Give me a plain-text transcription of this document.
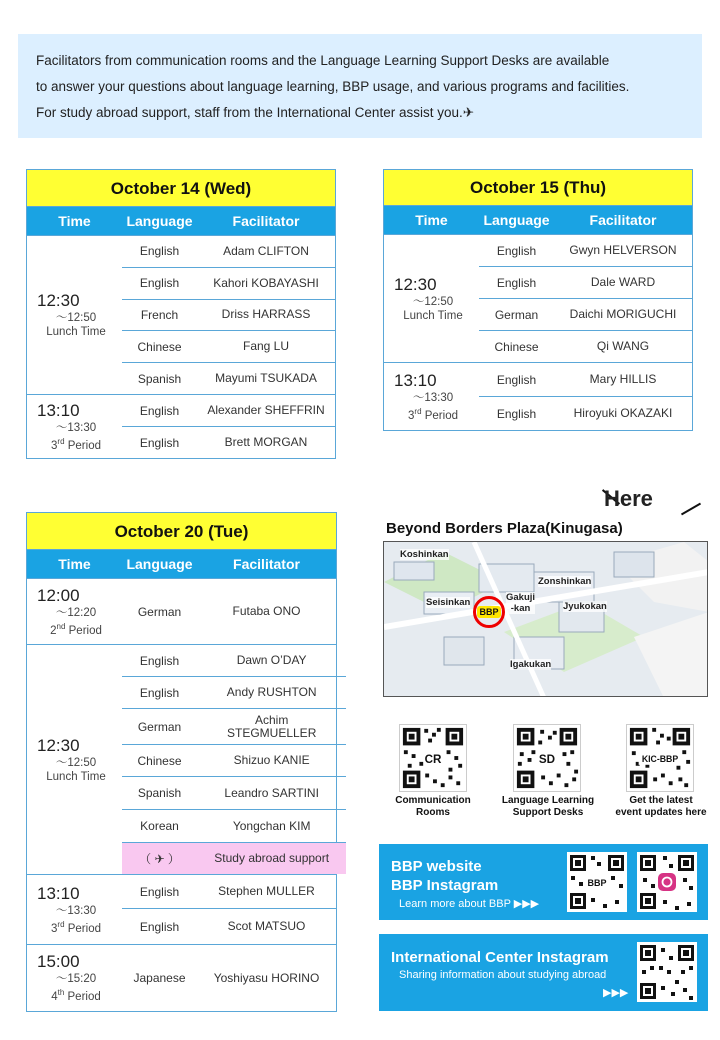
Facilitators from communication rooms and the Language Learning Support Desks are available

to answer your questions about language learning, BBP usage, and various programs and facilities.

For study abroad support, staff from the International Center assist you.✈

October 14 (Wed)
Time	Language	Facilitator
12:30
～12:50
Lunch Time
English	Adam CLIFTON
English	Kahori KOBAYASHI
French	Driss HARRASS
Chinese	Fang LU
Spanish	Mayumi TSUKADA
13:10
～13:30
3rd Period
English	Alexander SHEFFRIN
English	Brett MORGAN
October 15 (Thu)
Time	Language	Facilitator
12:30
～12:50
Lunch Time
English	Gwyn HELVERSON
English	Dale WARD
German	Daichi MORIGUCHI
Chinese	Qi WANG
13:10
～13:30
3rd Period
English	Mary HILLIS
English	Hiroyuki OKAZAKI
October 20 (Tue)
Time	Language	Facilitator
12:00
～12:20
2nd Period
German	Futaba ONO
12:30
～12:50
Lunch Time
English	Dawn O’DAY
English	Andy RUSHTON
German	Achim STEGMUELLER
Chinese	Shizuo KANIE
Spanish	Leandro SARTINI
Korean	Yongchan KIM
（ ✈ ）	Study abroad support
13:10
～13:30
3rd Period
English	Stephen MULLER
English	Scot MATSUO
15:00
～15:20
4th Period
Japanese	Yoshiyasu HORINO
Here
Beyond Borders Plaza(Kinugasa)
Koshinkan
Zonshinkan
Seisinkan	Gakuji
-kan	Jyukokan
Igakukan
BBP
CR
Communication
Rooms
SD
Language Learning
Support Desks
KIC-BBP
Get the latest
event updates here
BBP website
BBP Instagram
Learn more about BBP ▶▶▶
BBP
International Center Instagram
Sharing information about studying abroad
▶▶▶
